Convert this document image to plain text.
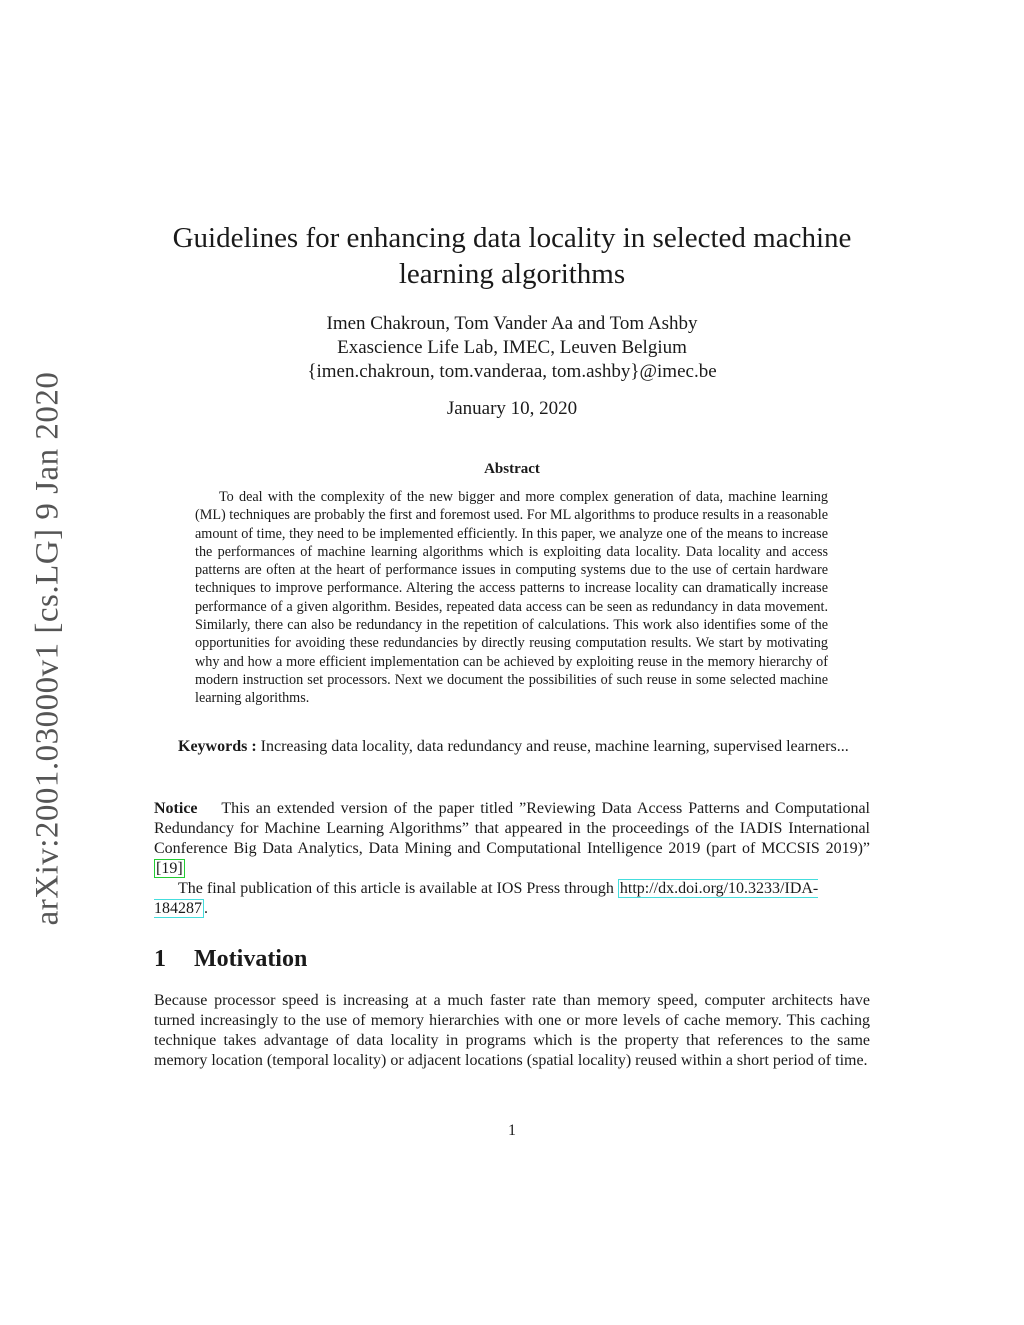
arXiv:2001.03000v1 [cs.LG] 9 Jan 2020
Guidelines for enhancing data locality in selected machine
learning algorithms
Imen Chakroun, Tom Vander Aa and Tom Ashby
Exascience Life Lab, IMEC, Leuven Belgium
{imen.chakroun, tom.vanderaa, tom.ashby}@imec.be
January 10, 2020
Abstract

To deal with the complexity of the new bigger and more complex generation of data, machine learning (ML) techniques are probably the first and foremost used. For ML algorithms to produce results in a reasonable amount of time, they need to be implemented efficiently. In this paper, we analyze one of the means to increase the performances of machine learning algorithms which is exploiting data locality. Data locality and access patterns are often at the heart of performance issues in computing systems due to the use of certain hardware techniques to improve performance. Altering the access patterns to increase locality can dramatically increase performance of a given algorithm. Besides, repeated data access can be seen as redundancy in data movement. Similarly, there can also be redundancy in the repetition of calculations. This work also identifies some of the opportunities for avoiding these redundancies by directly reusing computation results. We start by motivating why and how a more efficient implementation can be achieved by exploiting reuse in the memory hierarchy of modern instruction set processors. Next we document the possibilities of such reuse in some selected machine learning algorithms.

Keywords : Increasing data locality, data redundancy and reuse, machine learning, supervised learners...

Notice This an extended version of the paper titled ”Reviewing Data Access Patterns and Computational Redundancy for Machine Learning Algorithms” that appeared in the proceedings of the IADIS International Conference Big Data Analytics, Data Mining and Computational Intelligence 2019 (part of MCCSIS 2019)” [19]

The final publication of this article is available at IOS Press through http://dx.doi.org/10.3233/IDA-184287 .

1 Motivation

Because processor speed is increasing at a much faster rate than memory speed, computer architects have turned increasingly to the use of memory hierarchies with one or more levels of cache memory. This caching technique takes advantage of data locality in programs which is the property that references to the same memory location (temporal locality) or adjacent locations (spatial locality) reused within a short period of time.

1
